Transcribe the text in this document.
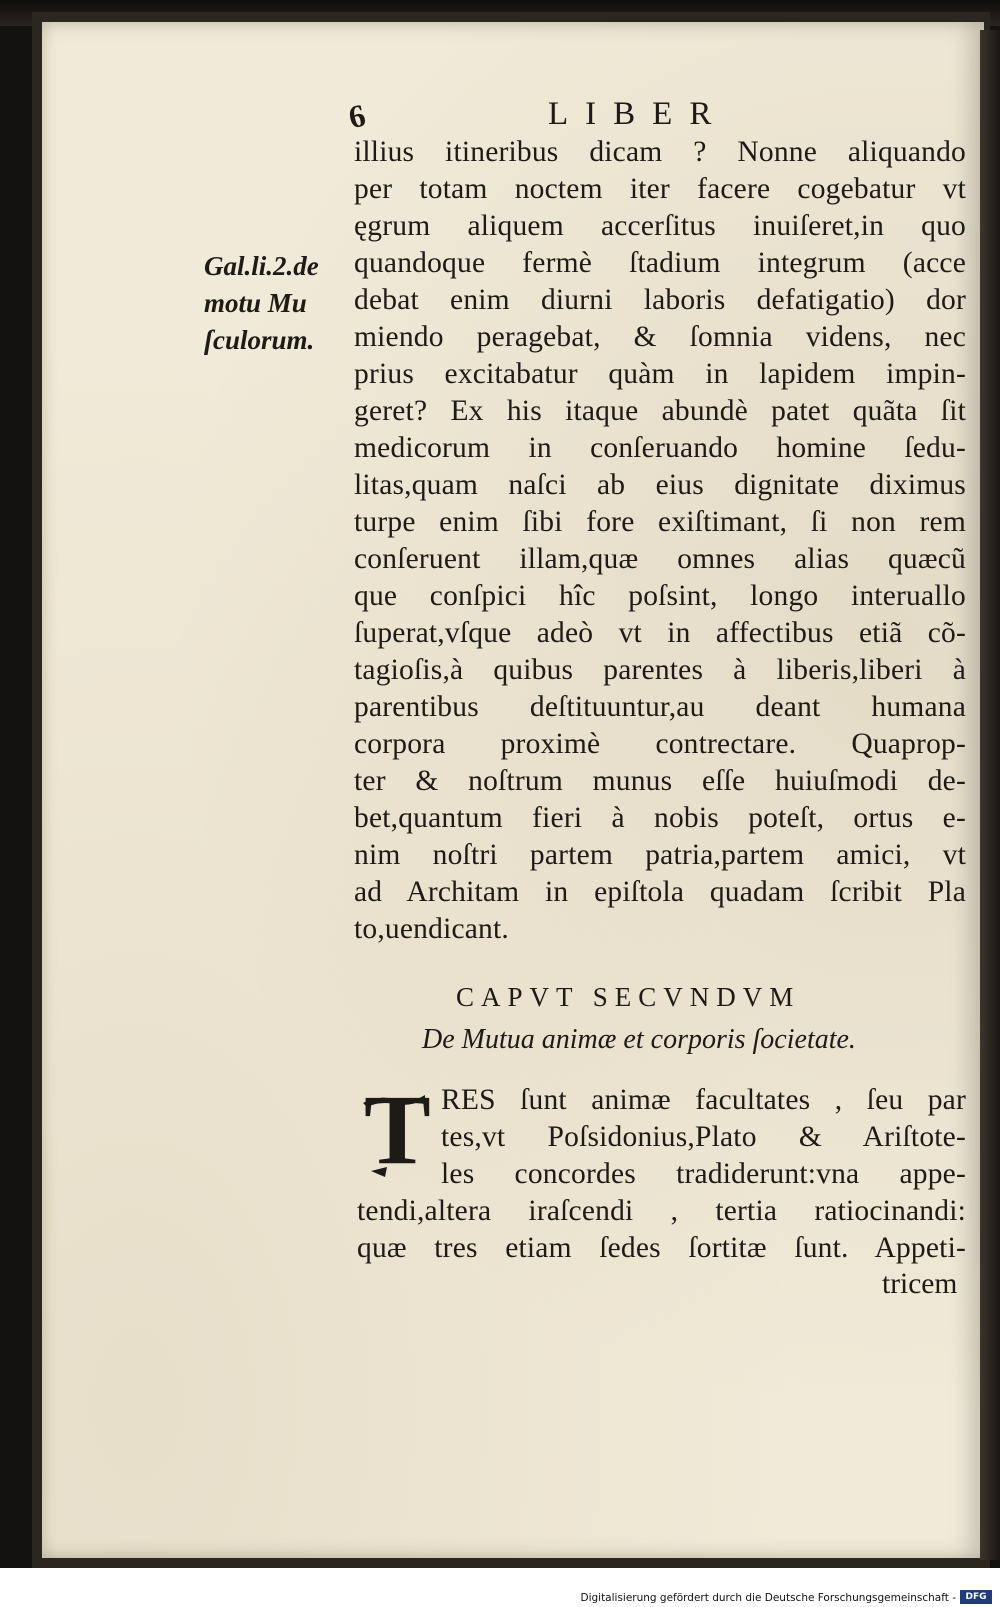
6	LIBER
Gal.li.2.de
motu Mu
ſculorum.
illius itineribus dicam ? Nonne aliquando
per totam noctem iter facere cogebatur vt
ęgrum aliquem accerſitus inuiſeret,in quo
quandoque fermè ſtadium integrum (acce
debat enim diurni laboris defatigatio) dor
miendo peragebat, & ſomnia videns, nec
prius excitabatur quàm in lapidem impin-
geret? Ex his itaque abundè patet quãta ſit
medicorum in conſeruando homine ſedu-
litas,quam naſci ab eius dignitate diximus
turpe enim ſibi fore exiſtimant, ſi non rem
conſeruent illam,quæ omnes alias quæcũ
que conſpici hîc poſsint, longo interuallo
ſuperat,vſque adeò vt in affectibus etiã cõ-
tagioſis,à quibus parentes à liberis,liberi à
parentibus deſtituuntur,au deant humana
corpora proximè contrectare. Quaprop-
ter & noſtrum munus eſſe huiuſmodi de-
bet,quantum fieri à nobis poteſt, ortus e-
nim noſtri partem patria,partem amici, vt
ad Architam in epiſtola quadam ſcribit Pla
to,uendicant.
CAPVT SECVNDVM
De Mutua animæ et corporis ſocietate.
T RES ſunt animæ facultates , ſeu par
tes,vt Poſsidonius,Plato & Ariſtote-
les concordes tradiderunt:vna appe-
tendi,altera iraſcendi , tertia ratiocinandi:
quæ tres etiam ſedes ſortitæ ſunt. Appeti-
tricem
Digitalisierung gefördert durch die Deutsche Forschungsgemeinschaft -	DFG
